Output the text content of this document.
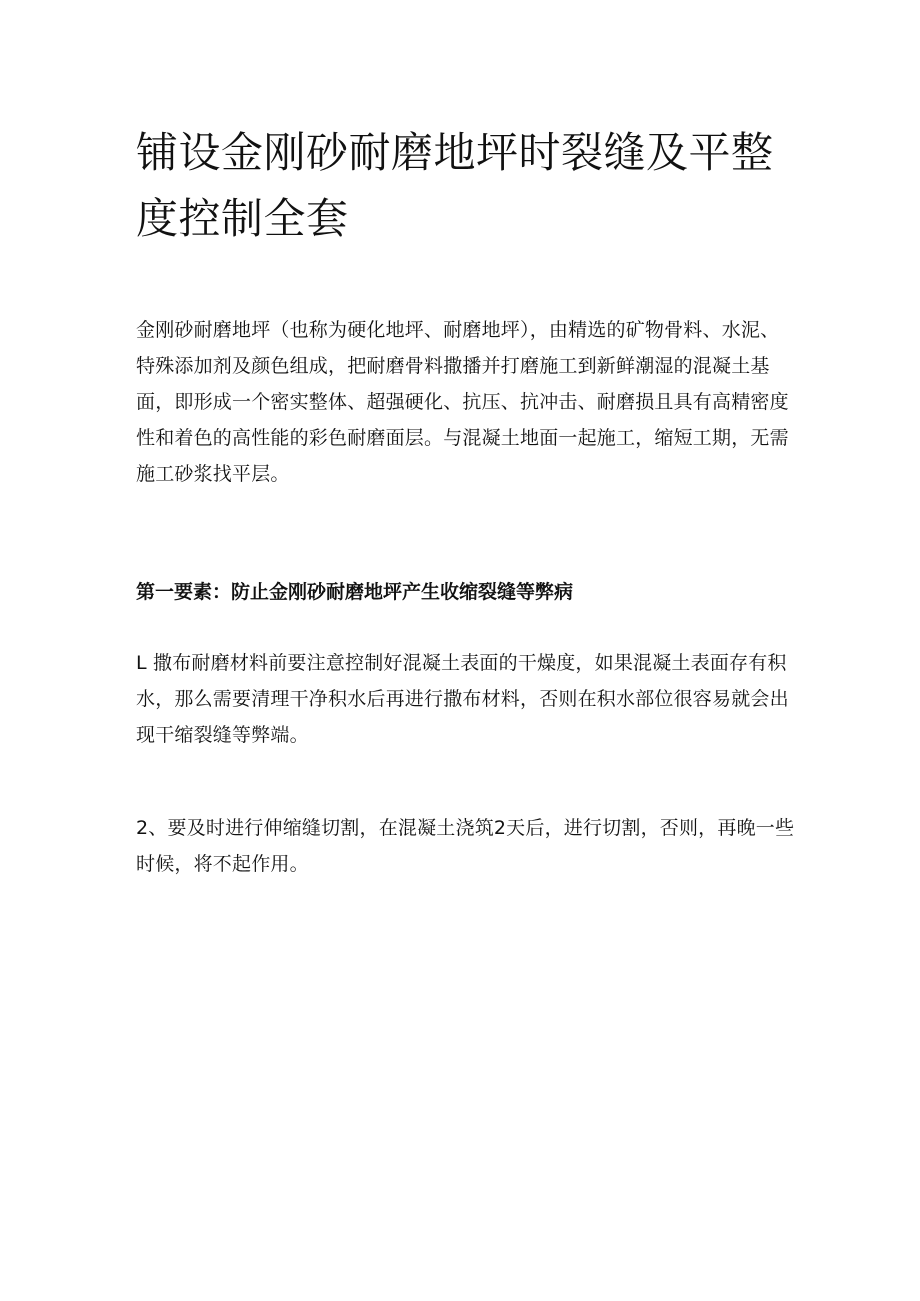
铺设金刚砂耐磨地坪时裂缝及平整度控制全套

金刚砂耐磨地坪（也称为硬化地坪、耐磨地坪），由精选的矿物骨料、水泥、特殊添加剂及颜色组成，把耐磨骨料撒播并打磨施工到新鲜潮湿的混凝土基面，即形成一个密实整体、超强硬化、抗压、抗冲击、耐磨损且具有高精密度性和着色的高性能的彩色耐磨面层。与混凝土地面一起施工，缩短工期，无需施工砂浆找平层。

第一要素：防止金刚砂耐磨地坪产生收缩裂缝等弊病

L 撒布耐磨材料前要注意控制好混凝土表面的干燥度，如果混凝土表面存有积水，那么需要清理干净积水后再进行撒布材料，否则在积水部位很容易就会出现干缩裂缝等弊端。

2、要及时进行伸缩缝切割，在混凝土浇筑2天后，进行切割，否则，再晚一些时候，将不起作用。
